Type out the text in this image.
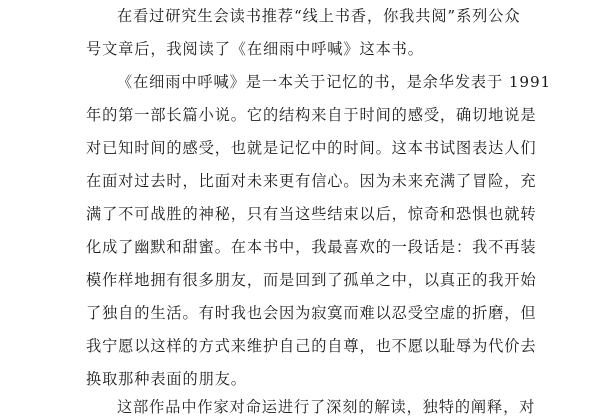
在看过研究生会读书推荐“线上书香，你我共阅”系列公众
号文章后，我阅读了《在细雨中呼喊》这本书。
《在细雨中呼喊》是一本关于记忆的书，是余华发表于 1991
年的第一部长篇小说。它的结构来自于时间的感受，确切地说是
对已知时间的感受，也就是记忆中的时间。这本书试图表达人们
在面对过去时，比面对未来更有信心。因为未来充满了冒险，充
满了不可战胜的神秘，只有当这些结束以后，惊奇和恐惧也就转
化成了幽默和甜蜜。在本书中，我最喜欢的一段话是：我不再装
模作样地拥有很多朋友，而是回到了孤单之中，以真正的我开始
了独自的生活。有时我也会因为寂寞而难以忍受空虚的折磨，但
我宁愿以这样的方式来维护自己的自尊，也不愿以耻辱为代价去
换取那种表面的朋友。
这部作品中作家对命运进行了深刻的解读，独特的阐释，对
